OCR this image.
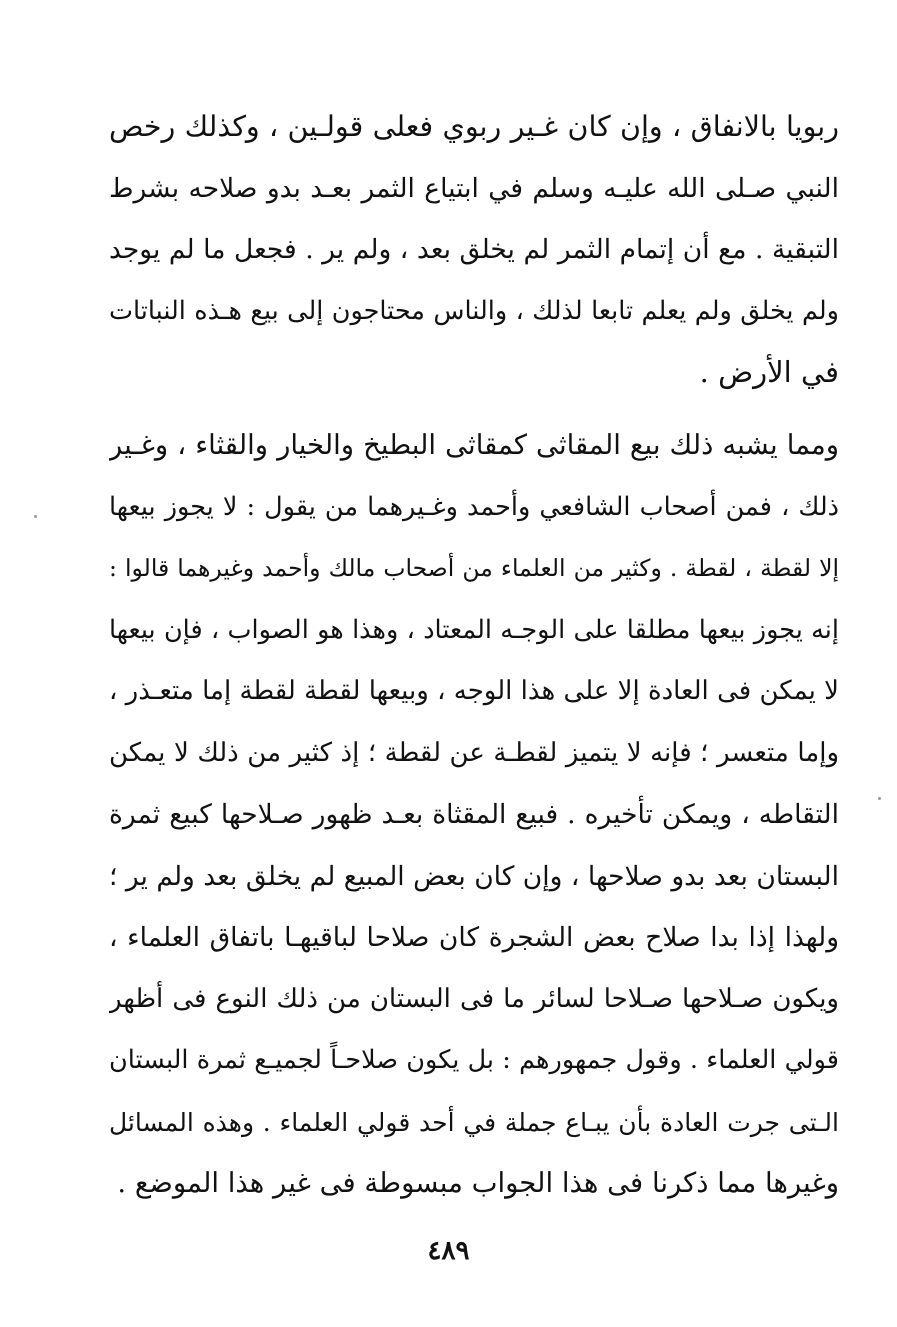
ربويا بالانفاق ، وإن كان غـير ربوي فعلى قولـين ، وكذلك رخص
النبي صـلى الله عليـه وسلم في ابتياع الثمر بعـد بدو صلاحه بشرط
التبقية . مع أن إتمام الثمر لم يخلق بعد ، ولم ير . فجعل ما لم يوجد
ولم يخلق ولم يعلم تابعا لذلك ، والناس محتاجون إلى بيع هـذه النباتات
في الأرض .
ومما يشبه ذلك بيع المقاثى كمقاثى البطيخ والخيار والقثاء ، وغـير
ذلك ، فمن أصحاب الشافعي وأحمد وغـيرهما من يقول : لا يجوز بيعها
إلا لقطة ، لقطة . وكثير من العلماء من أصحاب مالك وأحمد وغيرهما قالوا :
إنه يجوز بيعها مطلقا على الوجـه المعتاد ، وهذا هو الصواب ، فإن بيعها
لا يمكن فى العادة إلا على هذا الوجه ، وبيعها لقطة لقطة إما متعـذر ،
وإما متعسر ؛ فإنه لا يتميز لقطـة عن لقطة ؛ إذ كثير من ذلك لا يمكن
التقاطه ، ويمكن تأخيره . فبيع المقثاة بعـد ظهور صـلاحها كبيع ثمرة
البستان بعد بدو صلاحها ، وإن كان بعض المبيع لم يخلق بعد ولم ير ؛
ولهذا إذا بدا صلاح بعض الشجرة كان صلاحا لباقيهـا باتفاق العلماء ،
ويكون صـلاحها صـلاحا لسائر ما فى البستان من ذلك النوع فى أظهر
قولي العلماء . وقول جمهورهم : بل يكون صلاحـاً لجميـع ثمرة البستان
الـتى جرت العادة بأن يبـاع جملة في أحد قولي العلماء . وهذه المسائل
وغيرها مما ذكرنا فى هذا الجواب مبسوطة فى غير هذا الموضع .
٤٨٩
